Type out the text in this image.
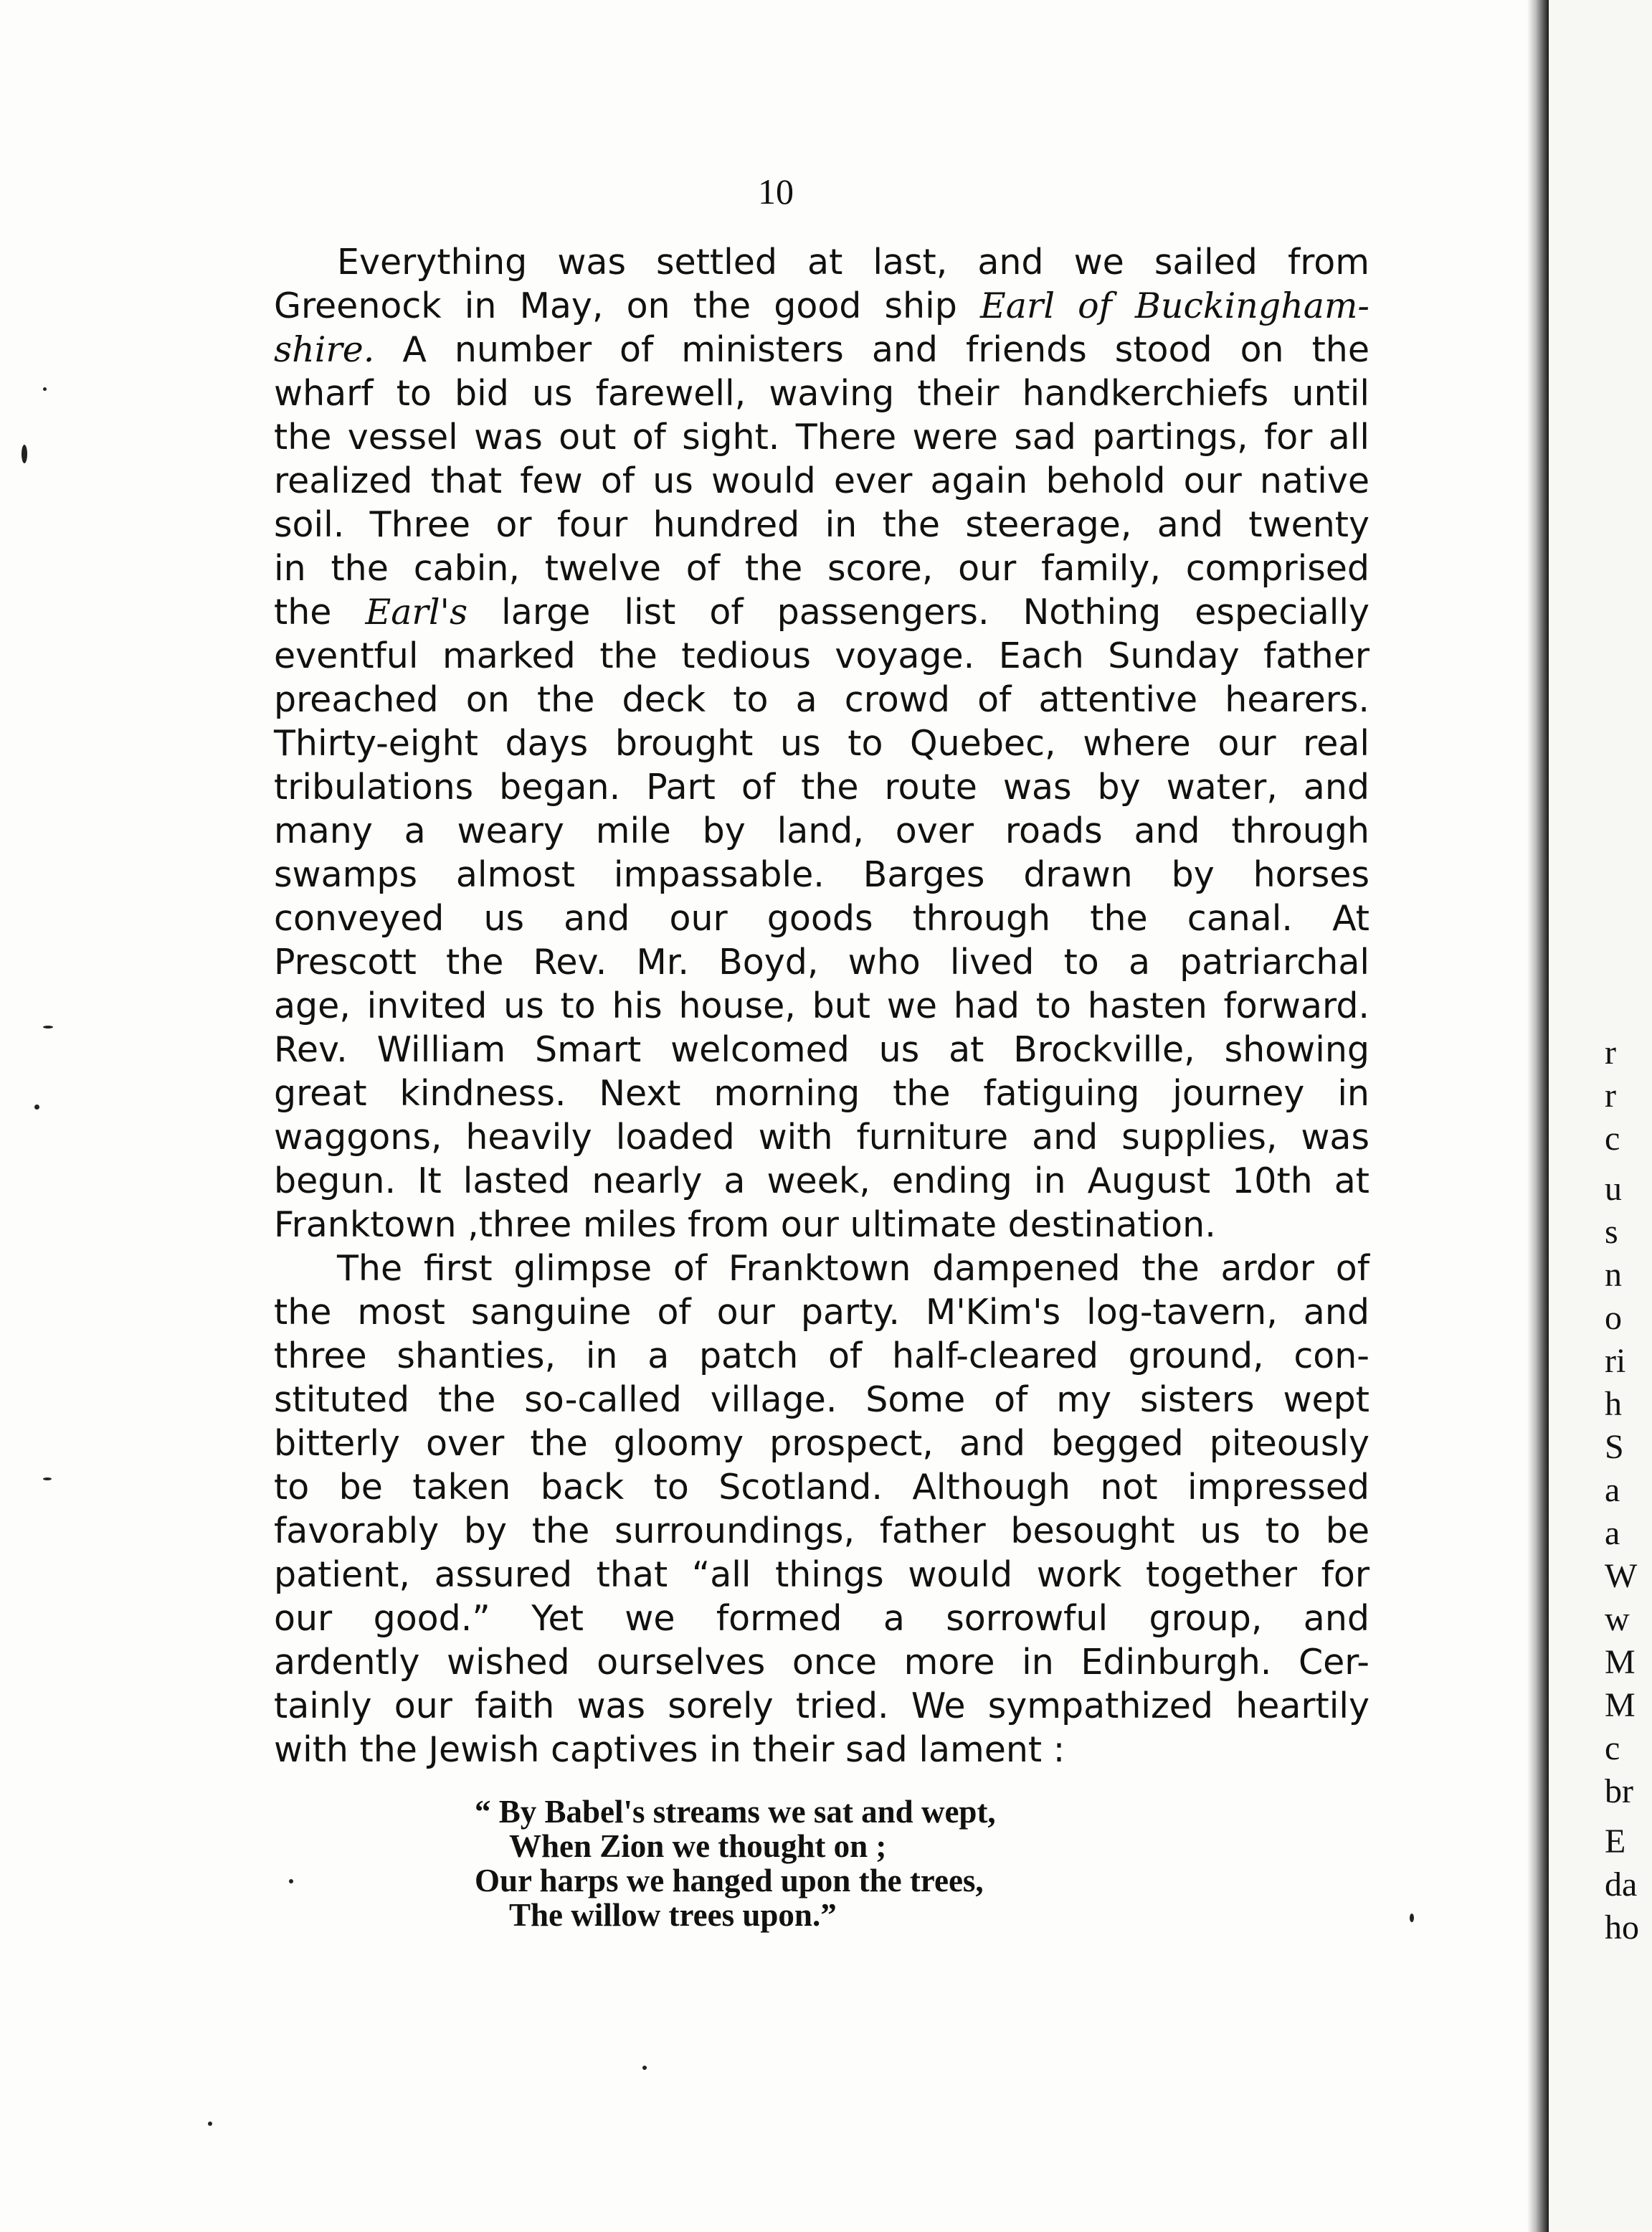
10
Everything was settled at last, and we sailed from
Greenock in May, on the good ship Earl of Buckingham-
shire. A number of ministers and friends stood on the
wharf to bid us farewell, waving their handkerchiefs until
the vessel was out of sight. There were sad partings, for all
realized that few of us would ever again behold our native
soil. Three or four hundred in the steerage, and twenty
in the cabin, twelve of the score, our family, comprised
the Earl's large list of passengers. Nothing especially
eventful marked the tedious voyage. Each Sunday father
preached on the deck to a crowd of attentive hearers.
Thirty-eight days brought us to Quebec, where our real
tribulations began. Part of the route was by water, and
many a weary mile by land, over roads and through
swamps almost impassable. Barges drawn by horses
conveyed us and our goods through the canal. At
Prescott the Rev. Mr. Boyd, who lived to a patriarchal
age, invited us to his house, but we had to hasten forward.
Rev. William Smart welcomed us at Brockville, showing
great kindness. Next morning the fatiguing journey in
waggons, heavily loaded with furniture and supplies, was
begun. It lasted nearly a week, ending in August 10th at
Franktown ,three miles from our ultimate destination.
The first glimpse of Franktown dampened the ardor of
the most sanguine of our party. M'Kim's log-tavern, and
three shanties, in a patch of half-cleared ground, con-
stituted the so-called village. Some of my sisters wept
bitterly over the gloomy prospect, and begged piteously
to be taken back to Scotland. Although not impressed
favorably by the surroundings, father besought us to be
patient, assured that “all things would work together for
our good.” Yet we formed a sorrowful group, and
ardently wished ourselves once more in Edinburgh. Cer-
tainly our faith was sorely tried. We sympathized heartily
with the Jewish captives in their sad lament :
“ By Babel's streams we sat and wept,
When Zion we thought on ;
Our harps we hanged upon the trees,
The willow trees upon.”
r
r
c
u
s
n
o
ri
h
S
a
a
W
w
M
M
c
br
E
da
ho
